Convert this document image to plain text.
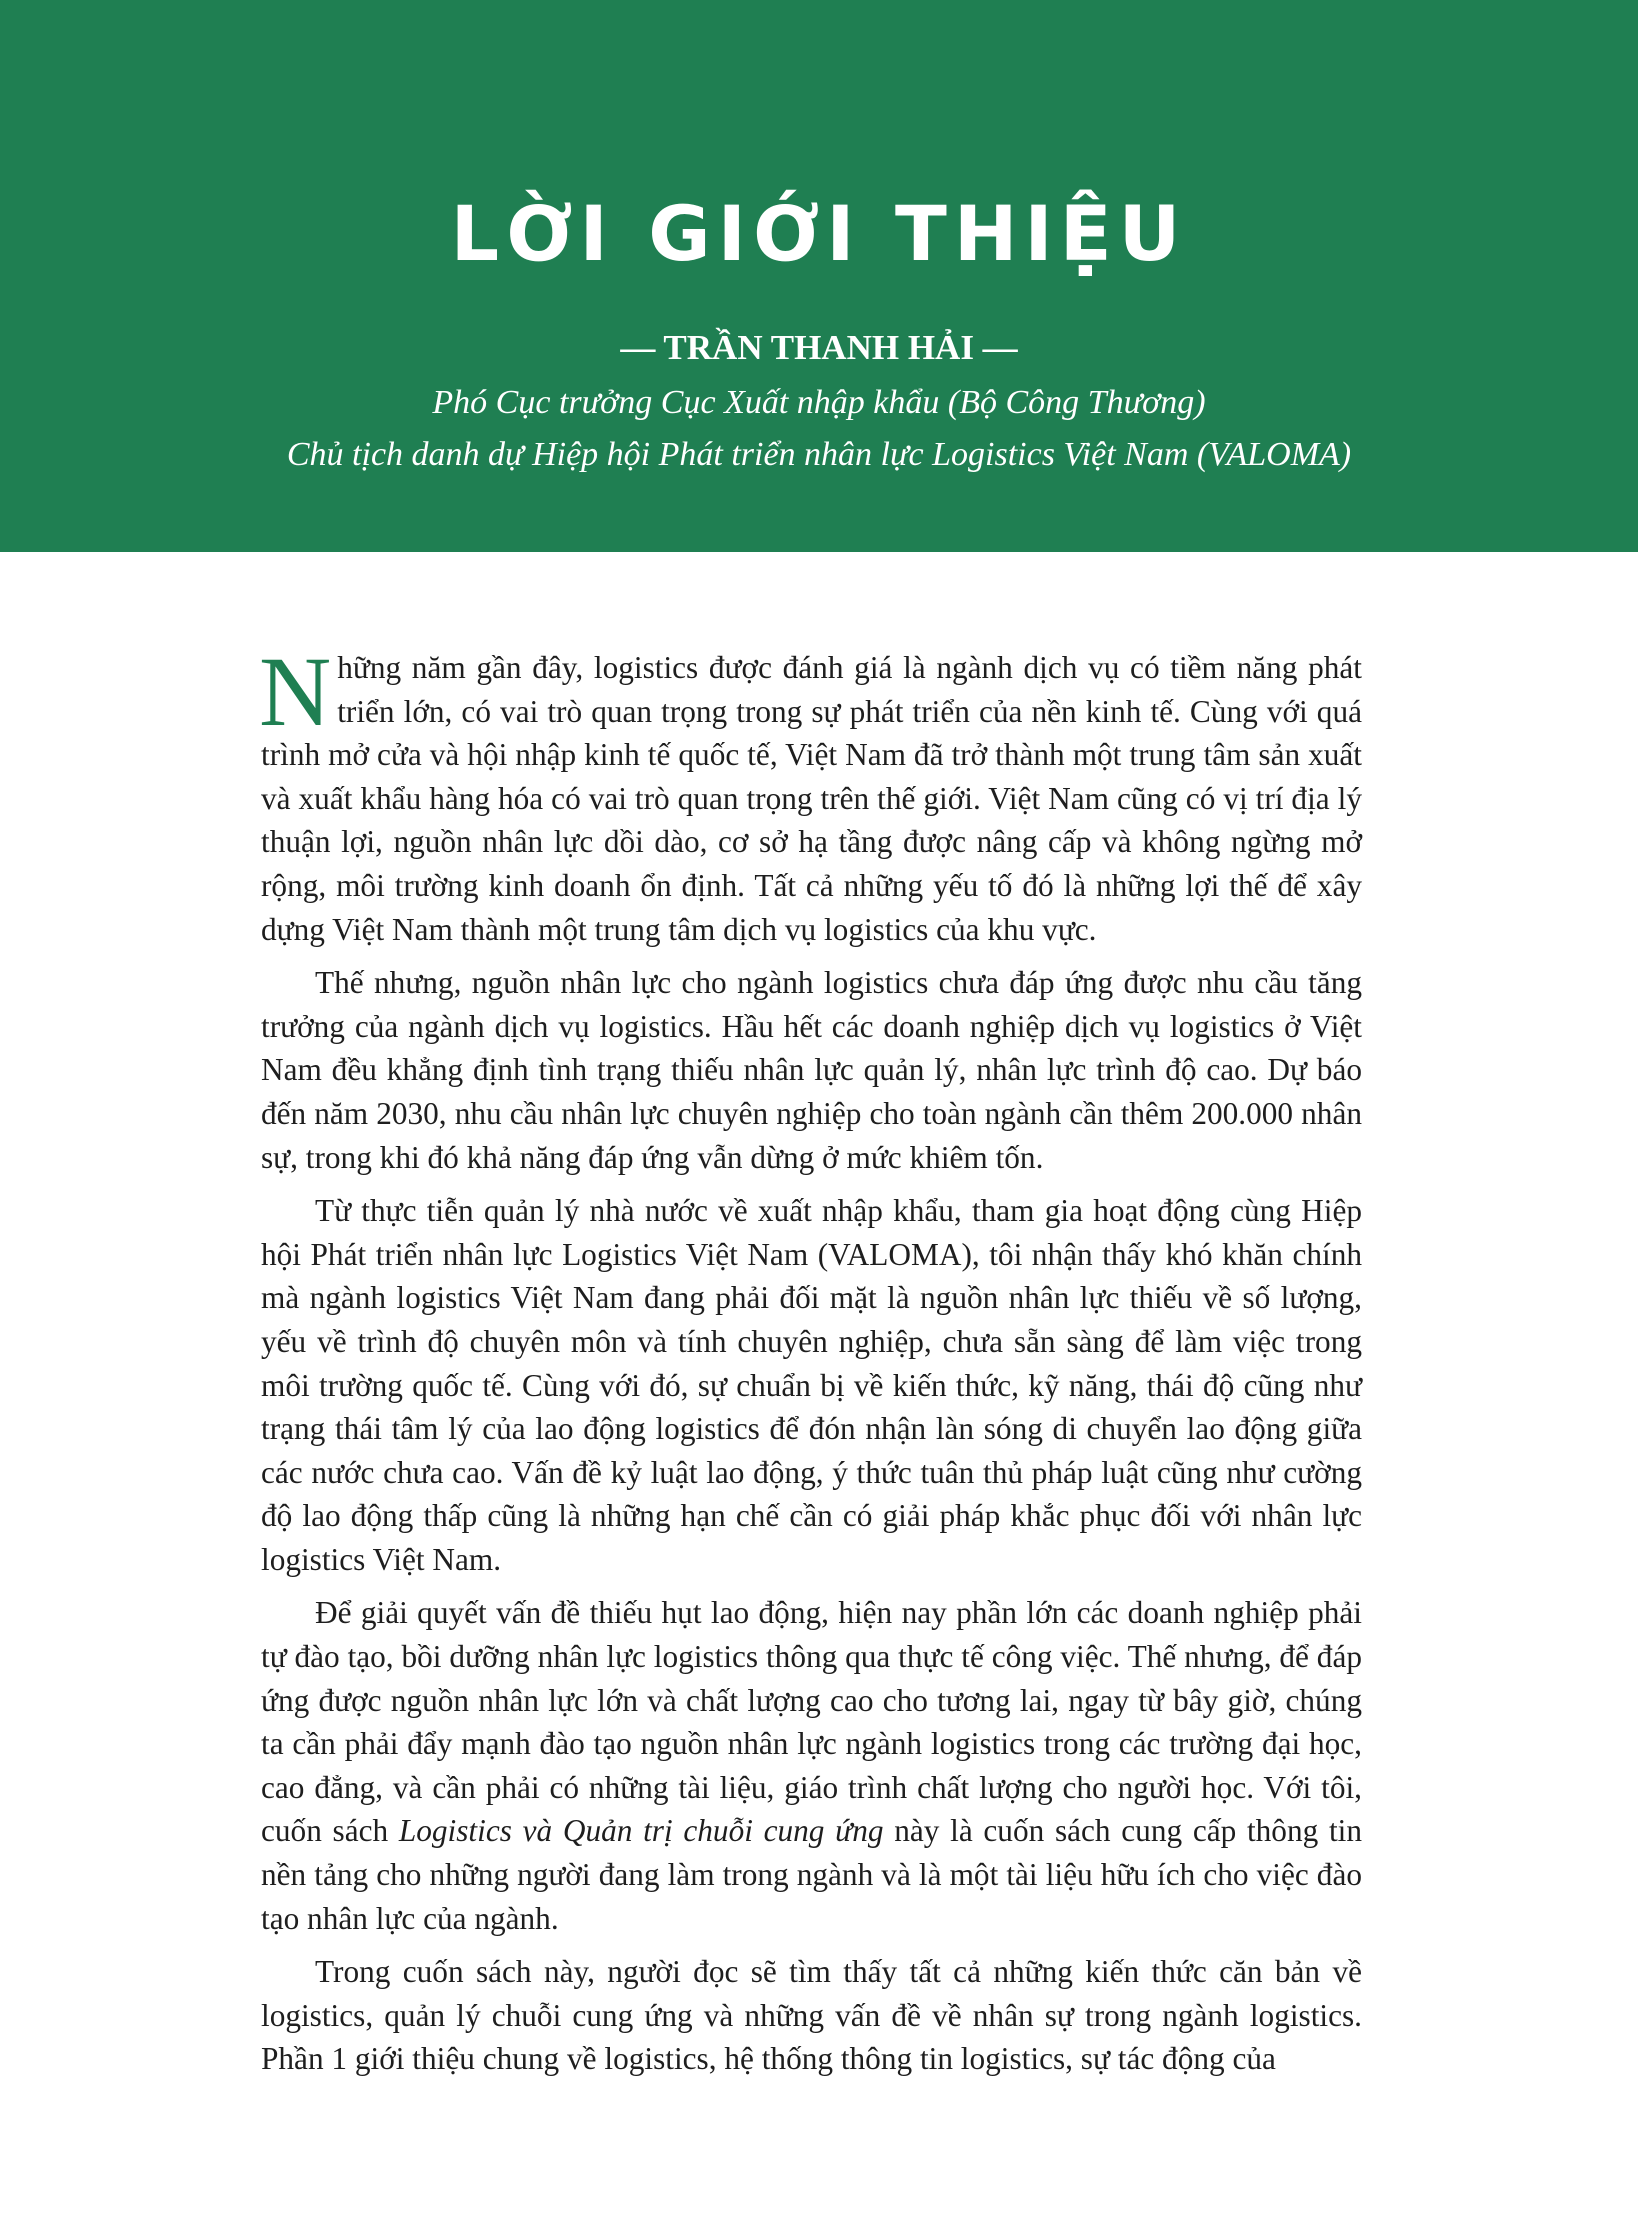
LỜI GIỚI THIỆU
— TRẦN THANH HẢI —
Phó Cục trưởng Cục Xuất nhập khẩu (Bộ Công Thương)
Chủ tịch danh dự Hiệp hội Phát triển nhân lực Logistics Việt Nam (VALOMA)

Những năm gần đây, logistics được đánh giá là ngành dịch vụ có tiềm năng phát triển lớn, có vai trò quan trọng trong sự phát triển của nền kinh tế. Cùng với quá trình mở cửa và hội nhập kinh tế quốc tế, Việt Nam đã trở thành một trung tâm sản xuất và xuất khẩu hàng hóa có vai trò quan trọng trên thế giới. Việt Nam cũng có vị trí địa lý thuận lợi, nguồn nhân lực dồi dào, cơ sở hạ tầng được nâng cấp và không ngừng mở rộng, môi trường kinh doanh ổn định. Tất cả những yếu tố đó là những lợi thế để xây dựng Việt Nam thành một trung tâm dịch vụ logistics của khu vực.

Thế nhưng, nguồn nhân lực cho ngành logistics chưa đáp ứng được nhu cầu tăng trưởng của ngành dịch vụ logistics. Hầu hết các doanh nghiệp dịch vụ logistics ở Việt Nam đều khẳng định tình trạng thiếu nhân lực quản lý, nhân lực trình độ cao. Dự báo đến năm 2030, nhu cầu nhân lực chuyên nghiệp cho toàn ngành cần thêm 200.000 nhân sự, trong khi đó khả năng đáp ứng vẫn dừng ở mức khiêm tốn.

Từ thực tiễn quản lý nhà nước về xuất nhập khẩu, tham gia hoạt động cùng Hiệp hội Phát triển nhân lực Logistics Việt Nam (VALOMA), tôi nhận thấy khó khăn chính mà ngành logistics Việt Nam đang phải đối mặt là nguồn nhân lực thiếu về số lượng, yếu về trình độ chuyên môn và tính chuyên nghiệp, chưa sẵn sàng để làm việc trong môi trường quốc tế. Cùng với đó, sự chuẩn bị về kiến thức, kỹ năng, thái độ cũng như trạng thái tâm lý của lao động logistics để đón nhận làn sóng di chuyển lao động giữa các nước chưa cao. Vấn đề kỷ luật lao động, ý thức tuân thủ pháp luật cũng như cường độ lao động thấp cũng là những hạn chế cần có giải pháp khắc phục đối với nhân lực logistics Việt Nam.

Để giải quyết vấn đề thiếu hụt lao động, hiện nay phần lớn các doanh nghiệp phải tự đào tạo, bồi dưỡng nhân lực logistics thông qua thực tế công việc. Thế nhưng, để đáp ứng được nguồn nhân lực lớn và chất lượng cao cho tương lai, ngay từ bây giờ, chúng ta cần phải đẩy mạnh đào tạo nguồn nhân lực ngành logistics trong các trường đại học, cao đẳng, và cần phải có những tài liệu, giáo trình chất lượng cho người học. Với tôi, cuốn sách Logistics và Quản trị chuỗi cung ứng này là cuốn sách cung cấp thông tin nền tảng cho những người đang làm trong ngành và là một tài liệu hữu ích cho việc đào tạo nhân lực của ngành.

Trong cuốn sách này, người đọc sẽ tìm thấy tất cả những kiến thức căn bản về logistics, quản lý chuỗi cung ứng và những vấn đề về nhân sự trong ngành logistics. Phần 1 giới thiệu chung về logistics, hệ thống thông tin logistics, sự tác động của
